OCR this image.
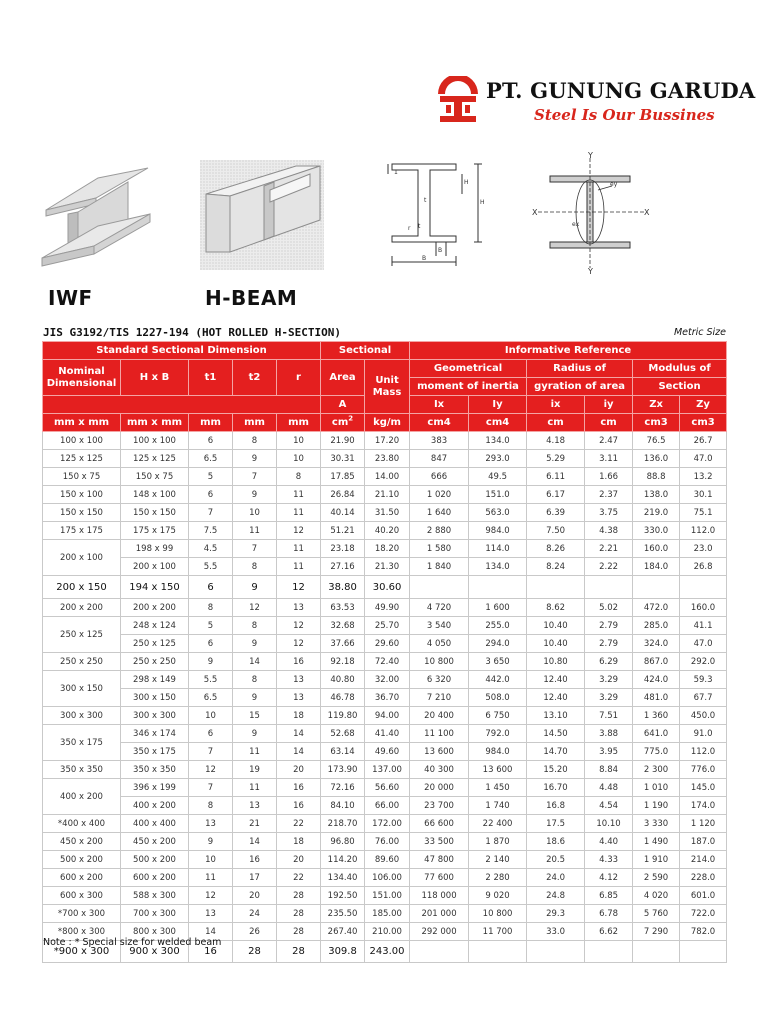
PT. GUNUNG GARUDA
Steel Is Our Bussines
IWF	H-BEAM
1
H
H
B
B
t
r t
Y
Y
X	X
ey
ex
JIS G3192/TIS 1227-194 (HOT ROLLED H-SECTION)	Metric Size
Standard Sectional Dimension					Sectional		Informative Reference					
Nominal Dimensional	H x B	t1	t2	r	Area	Unit Mass	Geometrical		Radius of		Modulus of	
							moment of inertia		gyration of area		Section	
					A		Ix	Iy	ix	iy	Zx	Zy
mm x mm	mm x mm	mm	mm	mm	$cm^2$	kg/m	cm4	cm4	cm	cm	cm3	cm3
100 x 100	100 x 100	6	8	10	21.90	17.20	383	134.0	4.18	2.47	76.5	26.7
125 x 125	125 x 125	6.5	9	10	30.31	23.80	847	293.0	5.29	3.11	136.0	47.0
150 x 75	150 x 75	5	7	8	17.85	14.00	666	49.5	6.11	1.66	88.8	13.2
150 x 100	148 x 100	6	9	11	26.84	21.10	1 020	151.0	6.17	2.37	138.0	30.1
150 x 150	150 x 150	7	10	11	40.14	31.50	1 640	563.0	6.39	3.75	219.0	75.1
175 x 175	175 x 175	7.5	11	12	51.21	40.20	2 880	984.0	7.50	4.38	330.0	112.0
200 x 100	198 x 99	4.5	7	11	23.18	18.20	1 580	114.0	8.26	2.21	160.0	23.0
	200 x 100	5.5	8	11	27.16	21.30	1 840	134.0	8.24	2.22	184.0	26.8
200 x 150	194 x 150	6	9	12	38.80	30.60						
200 x 200	200 x 200	8	12	13	63.53	49.90	4 720	1 600	8.62	5.02	472.0	160.0
250 x 125	248 x 124	5	8	12	32.68	25.70	3 540	255.0	10.40	2.79	285.0	41.1
	250 x 125	6	9	12	37.66	29.60	4 050	294.0	10.40	2.79	324.0	47.0
250 x 250	250 x 250	9	14	16	92.18	72.40	10 800	3 650	10.80	6.29	867.0	292.0
300 x 150	298 x 149	5.5	8	13	40.80	32.00	6 320	442.0	12.40	3.29	424.0	59.3
	300 x 150	6.5	9	13	46.78	36.70	7 210	508.0	12.40	3.29	481.0	67.7
300 x 300	300 x 300	10	15	18	119.80	94.00	20 400	6 750	13.10	7.51	1 360	450.0
350 x 175	346 x 174	6	9	14	52.68	41.40	11 100	792.0	14.50	3.88	641.0	91.0
	350 x 175	7	11	14	63.14	49.60	13 600	984.0	14.70	3.95	775.0	112.0
350 x 350	350 x 350	12	19	20	173.90	137.00	40 300	13 600	15.20	8.84	2 300	776.0
400 x 200	396 x 199	7	11	16	72.16	56.60	20 000	1 450	16.70	4.48	1 010	145.0
	400 x 200	8	13	16	84.10	66.00	23 700	1 740	16.8	4.54	1 190	174.0
*400 x 400	400 x 400	13	21	22	218.70	172.00	66 600	22 400	17.5	10.10	3 330	1 120
450 x 200	450 x 200	9	14	18	96.80	76.00	33 500	1 870	18.6	4.40	1 490	187.0
500 x 200	500 x 200	10	16	20	114.20	89.60	47 800	2 140	20.5	4.33	1 910	214.0
600 x 200	600 x 200	11	17	22	134.40	106.00	77 600	2 280	24.0	4.12	2 590	228.0
600 x 300	588 x 300	12	20	28	192.50	151.00	118 000	9 020	24.8	6.85	4 020	601.0
*700 x 300	700 x 300	13	24	28	235.50	185.00	201 000	10 800	29.3	6.78	5 760	722.0
*800 x 300	800 x 300	14	26	28	267.40	210.00	292 000	11 700	33.0	6.62	7 290	782.0
*900 x 300	900 x 300	16	28	28	309.8	243.00						
Note : * Special size for welded beam
